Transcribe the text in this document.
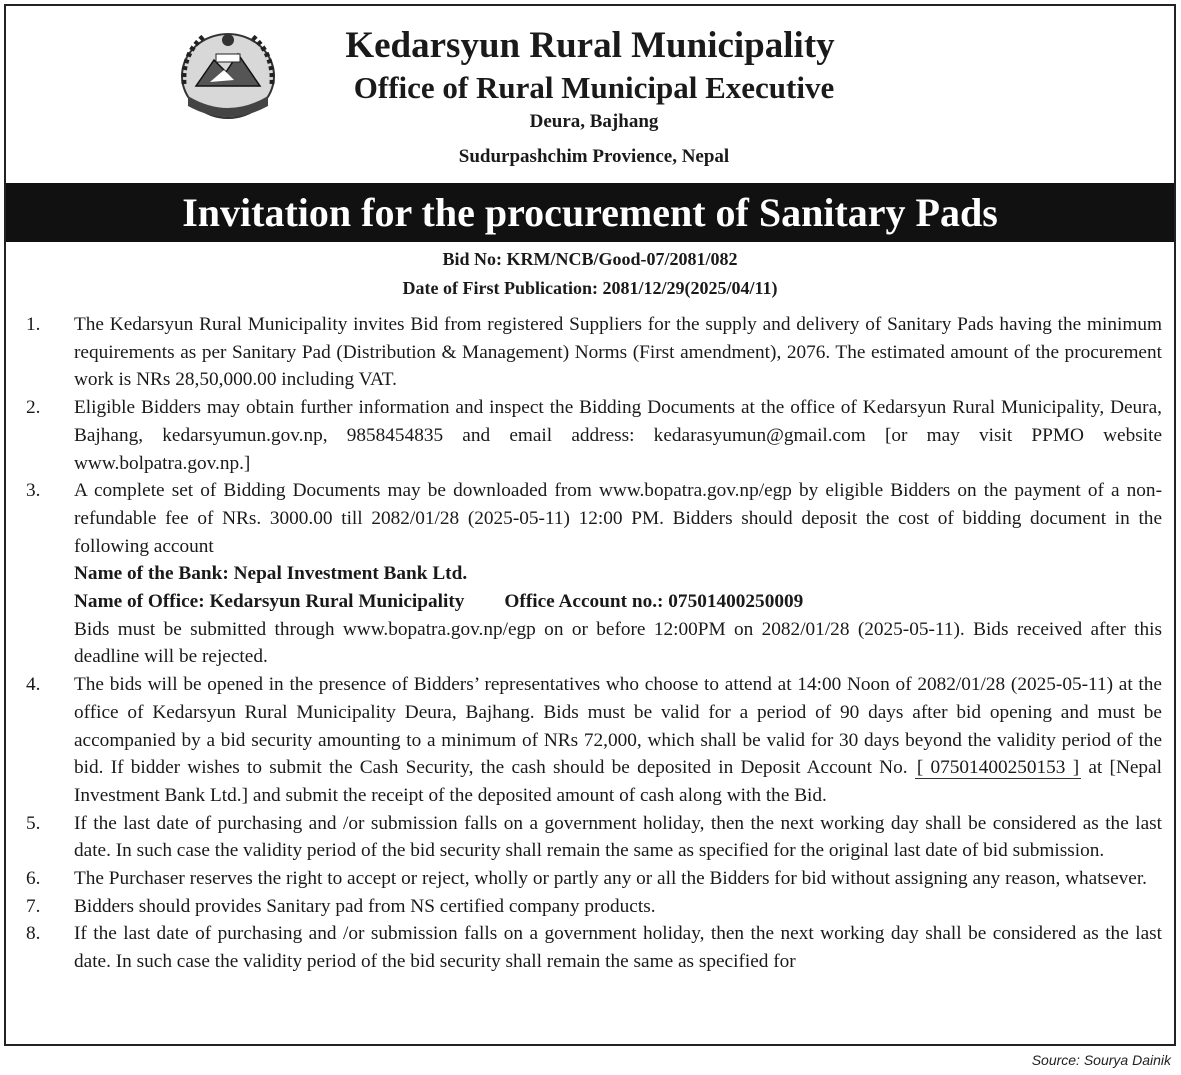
Kedarsyun Rural Municipality
Office of Rural Municipal Executive
Deura, Bajhang
Sudurpashchim Provience, Nepal
Invitation for the procurement of Sanitary Pads
Bid No: KRM/NCB/Good-07/2081/082
Date of First Publication: 2081/12/29(2025/04/11)

1. The Kedarsyun Rural Municipality invites Bid from registered Suppliers for the supply and delivery of Sanitary Pads having the minimum requirements as per Sanitary Pad (Distribution & Management) Norms (First amendment), 2076. The estimated amount of the procurement work is NRs 28,50,000.00 including VAT.

2. Eligible Bidders may obtain further information and inspect the Bidding Documents at the office of Kedarsyun Rural Municipality, Deura, Bajhang, kedarsyumun.gov.np, 9858454835 and email address: kedarasyumun@gmail.com [or may visit PPMO website www.bolpatra.gov.np.]

3. A complete set of Bidding Documents may be downloaded from www.bopatra.gov.np/egp by eligible Bidders on the payment of a non-refundable fee of NRs. 3000.00 till 2082/01/28 (2025-05-11) 12:00 PM. Bidders should deposit the cost of bidding document in the following account
Name of the Bank: Nepal Investment Bank Ltd.
Name of Office: Kedarsyun Rural Municipality Office Account no.: 07501400250009
Bids must be submitted through www.bopatra.gov.np/egp on or before 12:00PM on 2082/01/28 (2025-05-11). Bids received after this deadline will be rejected.

4. The bids will be opened in the presence of Bidders’ representatives who choose to attend at 14:00 Noon of 2082/01/28 (2025-05-11) at the office of Kedarsyun Rural Municipality Deura, Bajhang. Bids must be valid for a period of 90 days after bid opening and must be accompanied by a bid security amounting to a minimum of NRs 72,000, which shall be valid for 30 days beyond the validity period of the bid. If bidder wishes to submit the Cash Security, the cash should be deposited in Deposit Account No. [ 07501400250153 ] at [Nepal Investment Bank Ltd.] and submit the receipt of the deposited amount of cash along with the Bid.

5. If the last date of purchasing and /or submission falls on a government holiday, then the next working day shall be considered as the last date. In such case the validity period of the bid security shall remain the same as specified for the original last date of bid submission.

6. The Purchaser reserves the right to accept or reject, wholly or partly any or all the Bidders for bid without assigning any reason, whatsever.

7. Bidders should provides Sanitary pad from NS certified company products.

8. If the last date of purchasing and /or submission falls on a government holiday, then the next working day shall be considered as the last date. In such case the validity period of the bid security shall remain the same as specified for

Source: Sourya Dainik
